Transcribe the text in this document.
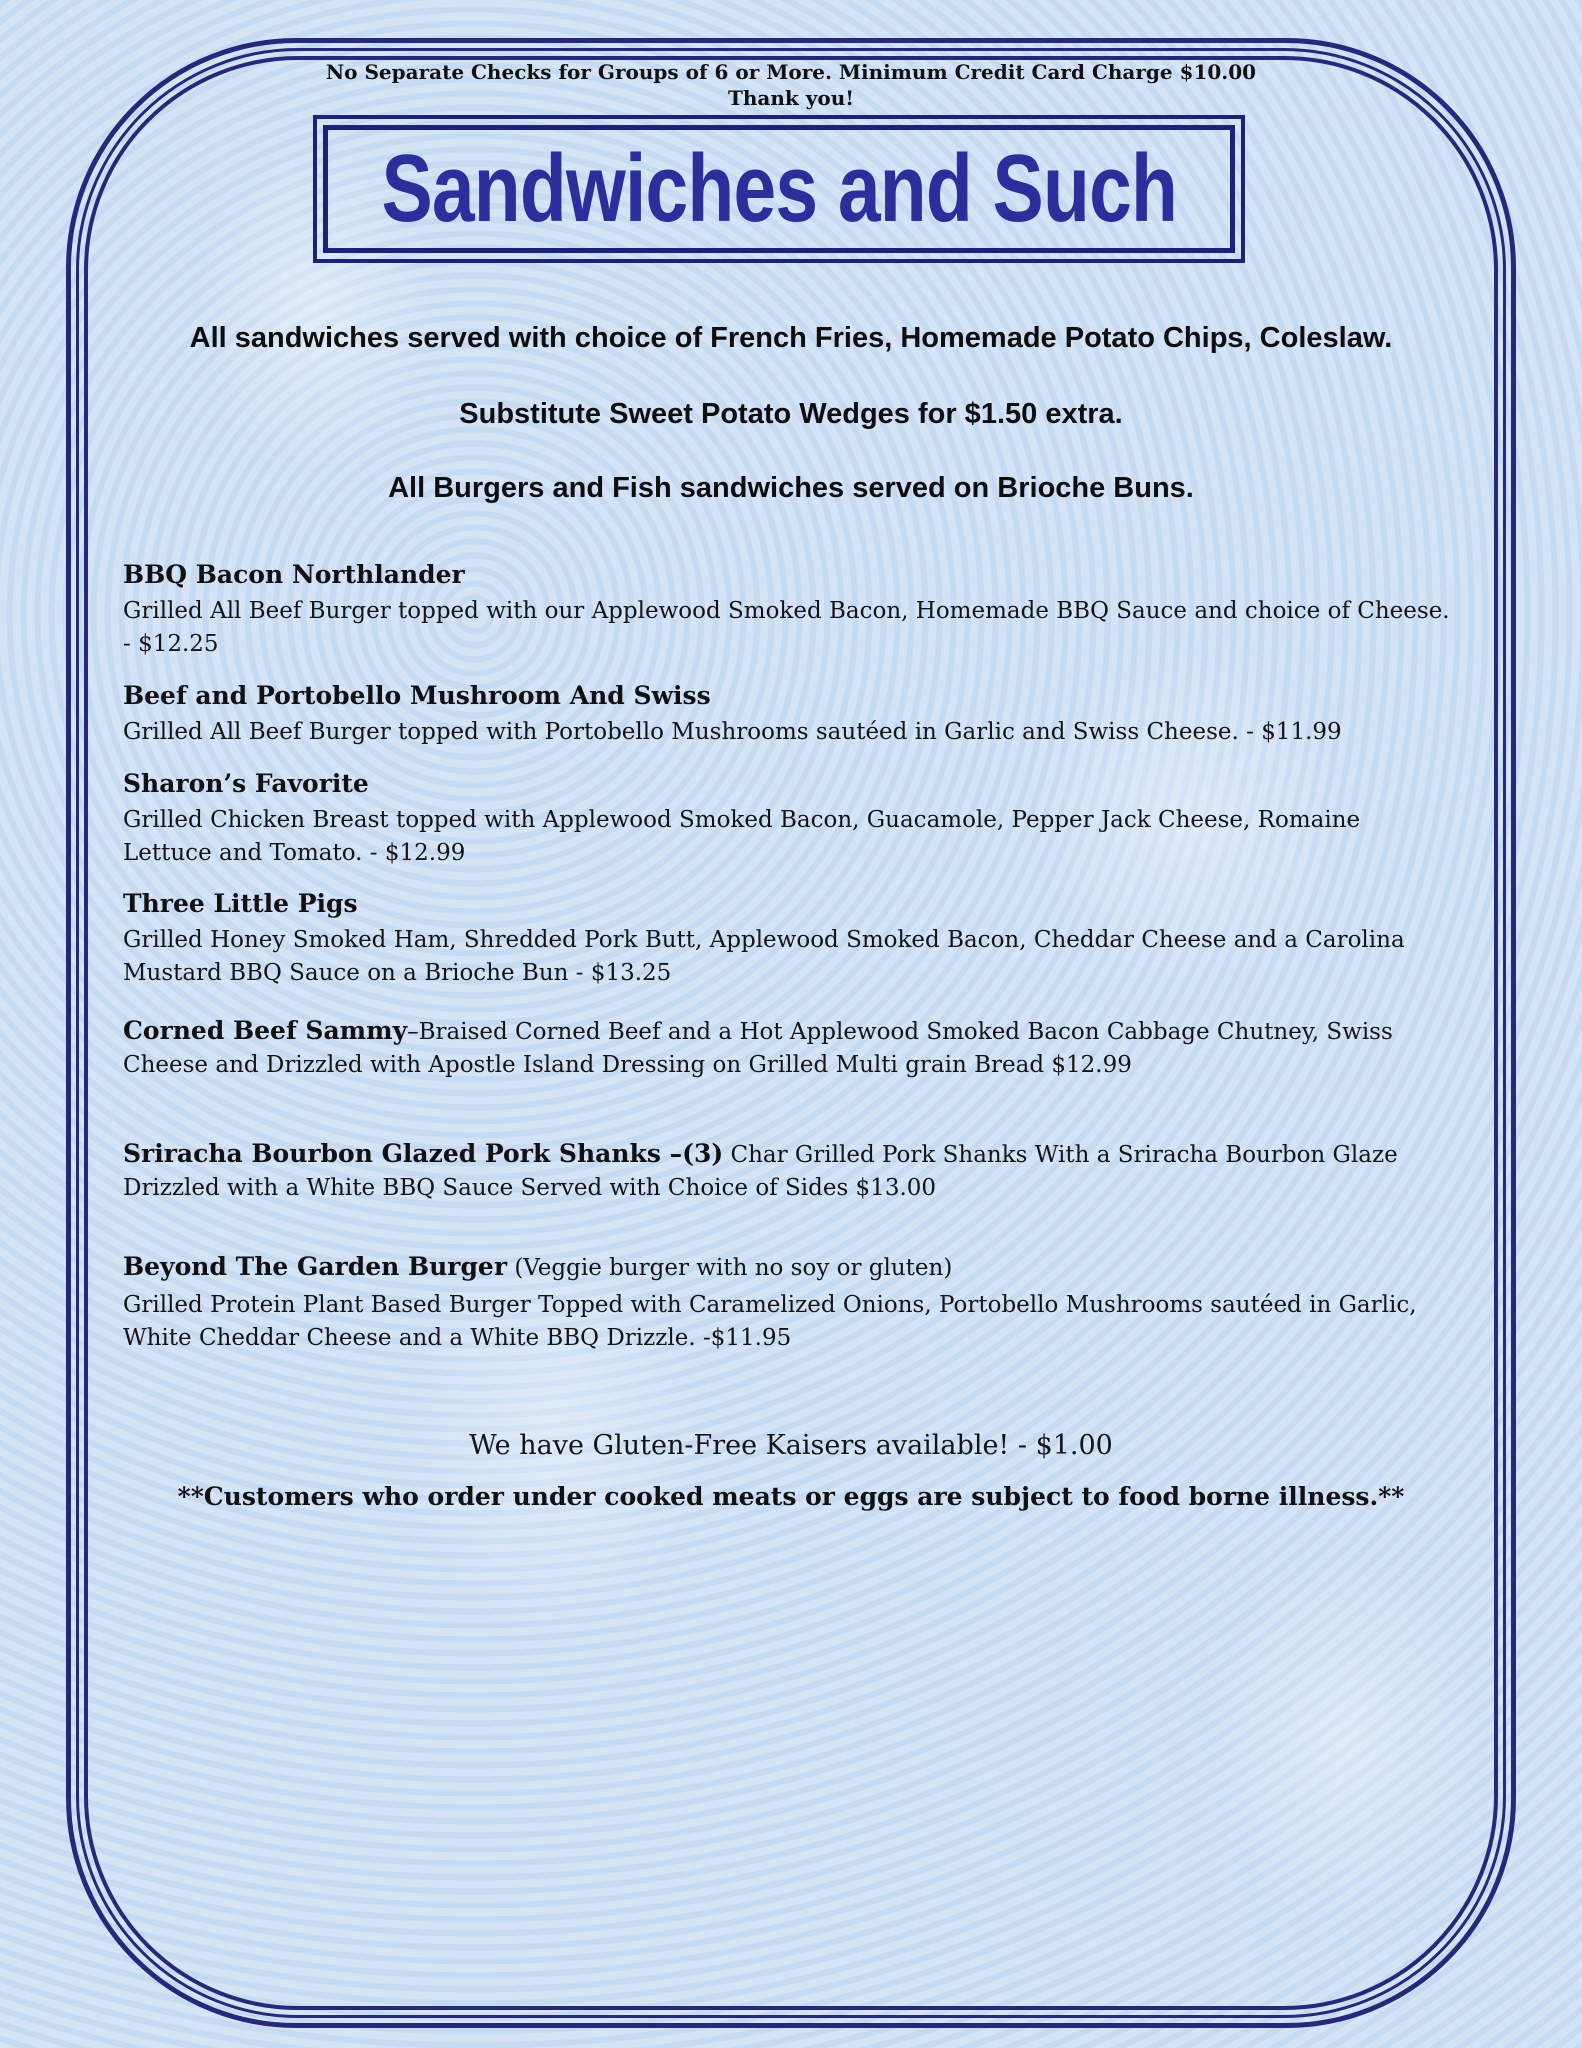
No Separate Checks for Groups of 6 or More. Minimum Credit Card Charge $10.00
Thank you!
Sandwiches and Such
All sandwiches served with choice of French Fries, Homemade Potato Chips, Coleslaw.
Substitute Sweet Potato Wedges for $1.50 extra.
All Burgers and Fish sandwiches served on Brioche Buns.
BBQ Bacon Northlander
Grilled All Beef Burger topped with our Applewood Smoked Bacon, Homemade BBQ Sauce and choice of Cheese. - $12.25
Beef and Portobello Mushroom And Swiss
Grilled All Beef Burger topped with Portobello Mushrooms sautéed in Garlic and Swiss Cheese. - $11.99
Sharon’s Favorite
Grilled Chicken Breast topped with Applewood Smoked Bacon, Guacamole, Pepper Jack Cheese, Romaine Lettuce and Tomato. - $12.99
Three Little Pigs
Grilled Honey Smoked Ham, Shredded Pork Butt, Applewood Smoked Bacon, Cheddar Cheese and a Carolina Mustard BBQ Sauce on a Brioche Bun - $13.25
Corned Beef Sammy–Braised Corned Beef and a Hot Applewood Smoked Bacon Cabbage Chutney, Swiss Cheese and Drizzled with Apostle Island Dressing on Grilled Multi grain Bread $12.99
Sriracha Bourbon Glazed Pork Shanks –(3) Char Grilled Pork Shanks With a Sriracha Bourbon Glaze Drizzled with a White BBQ Sauce Served with Choice of Sides $13.00
Beyond The Garden Burger (Veggie burger with no soy or gluten)
Grilled Protein Plant Based Burger Topped with Caramelized Onions, Portobello Mushrooms sautéed in Garlic, White Cheddar Cheese and a White BBQ Drizzle. -$11.95
We have Gluten-Free Kaisers available! - $1.00
**Customers who order under cooked meats or eggs are subject to food borne illness.**
